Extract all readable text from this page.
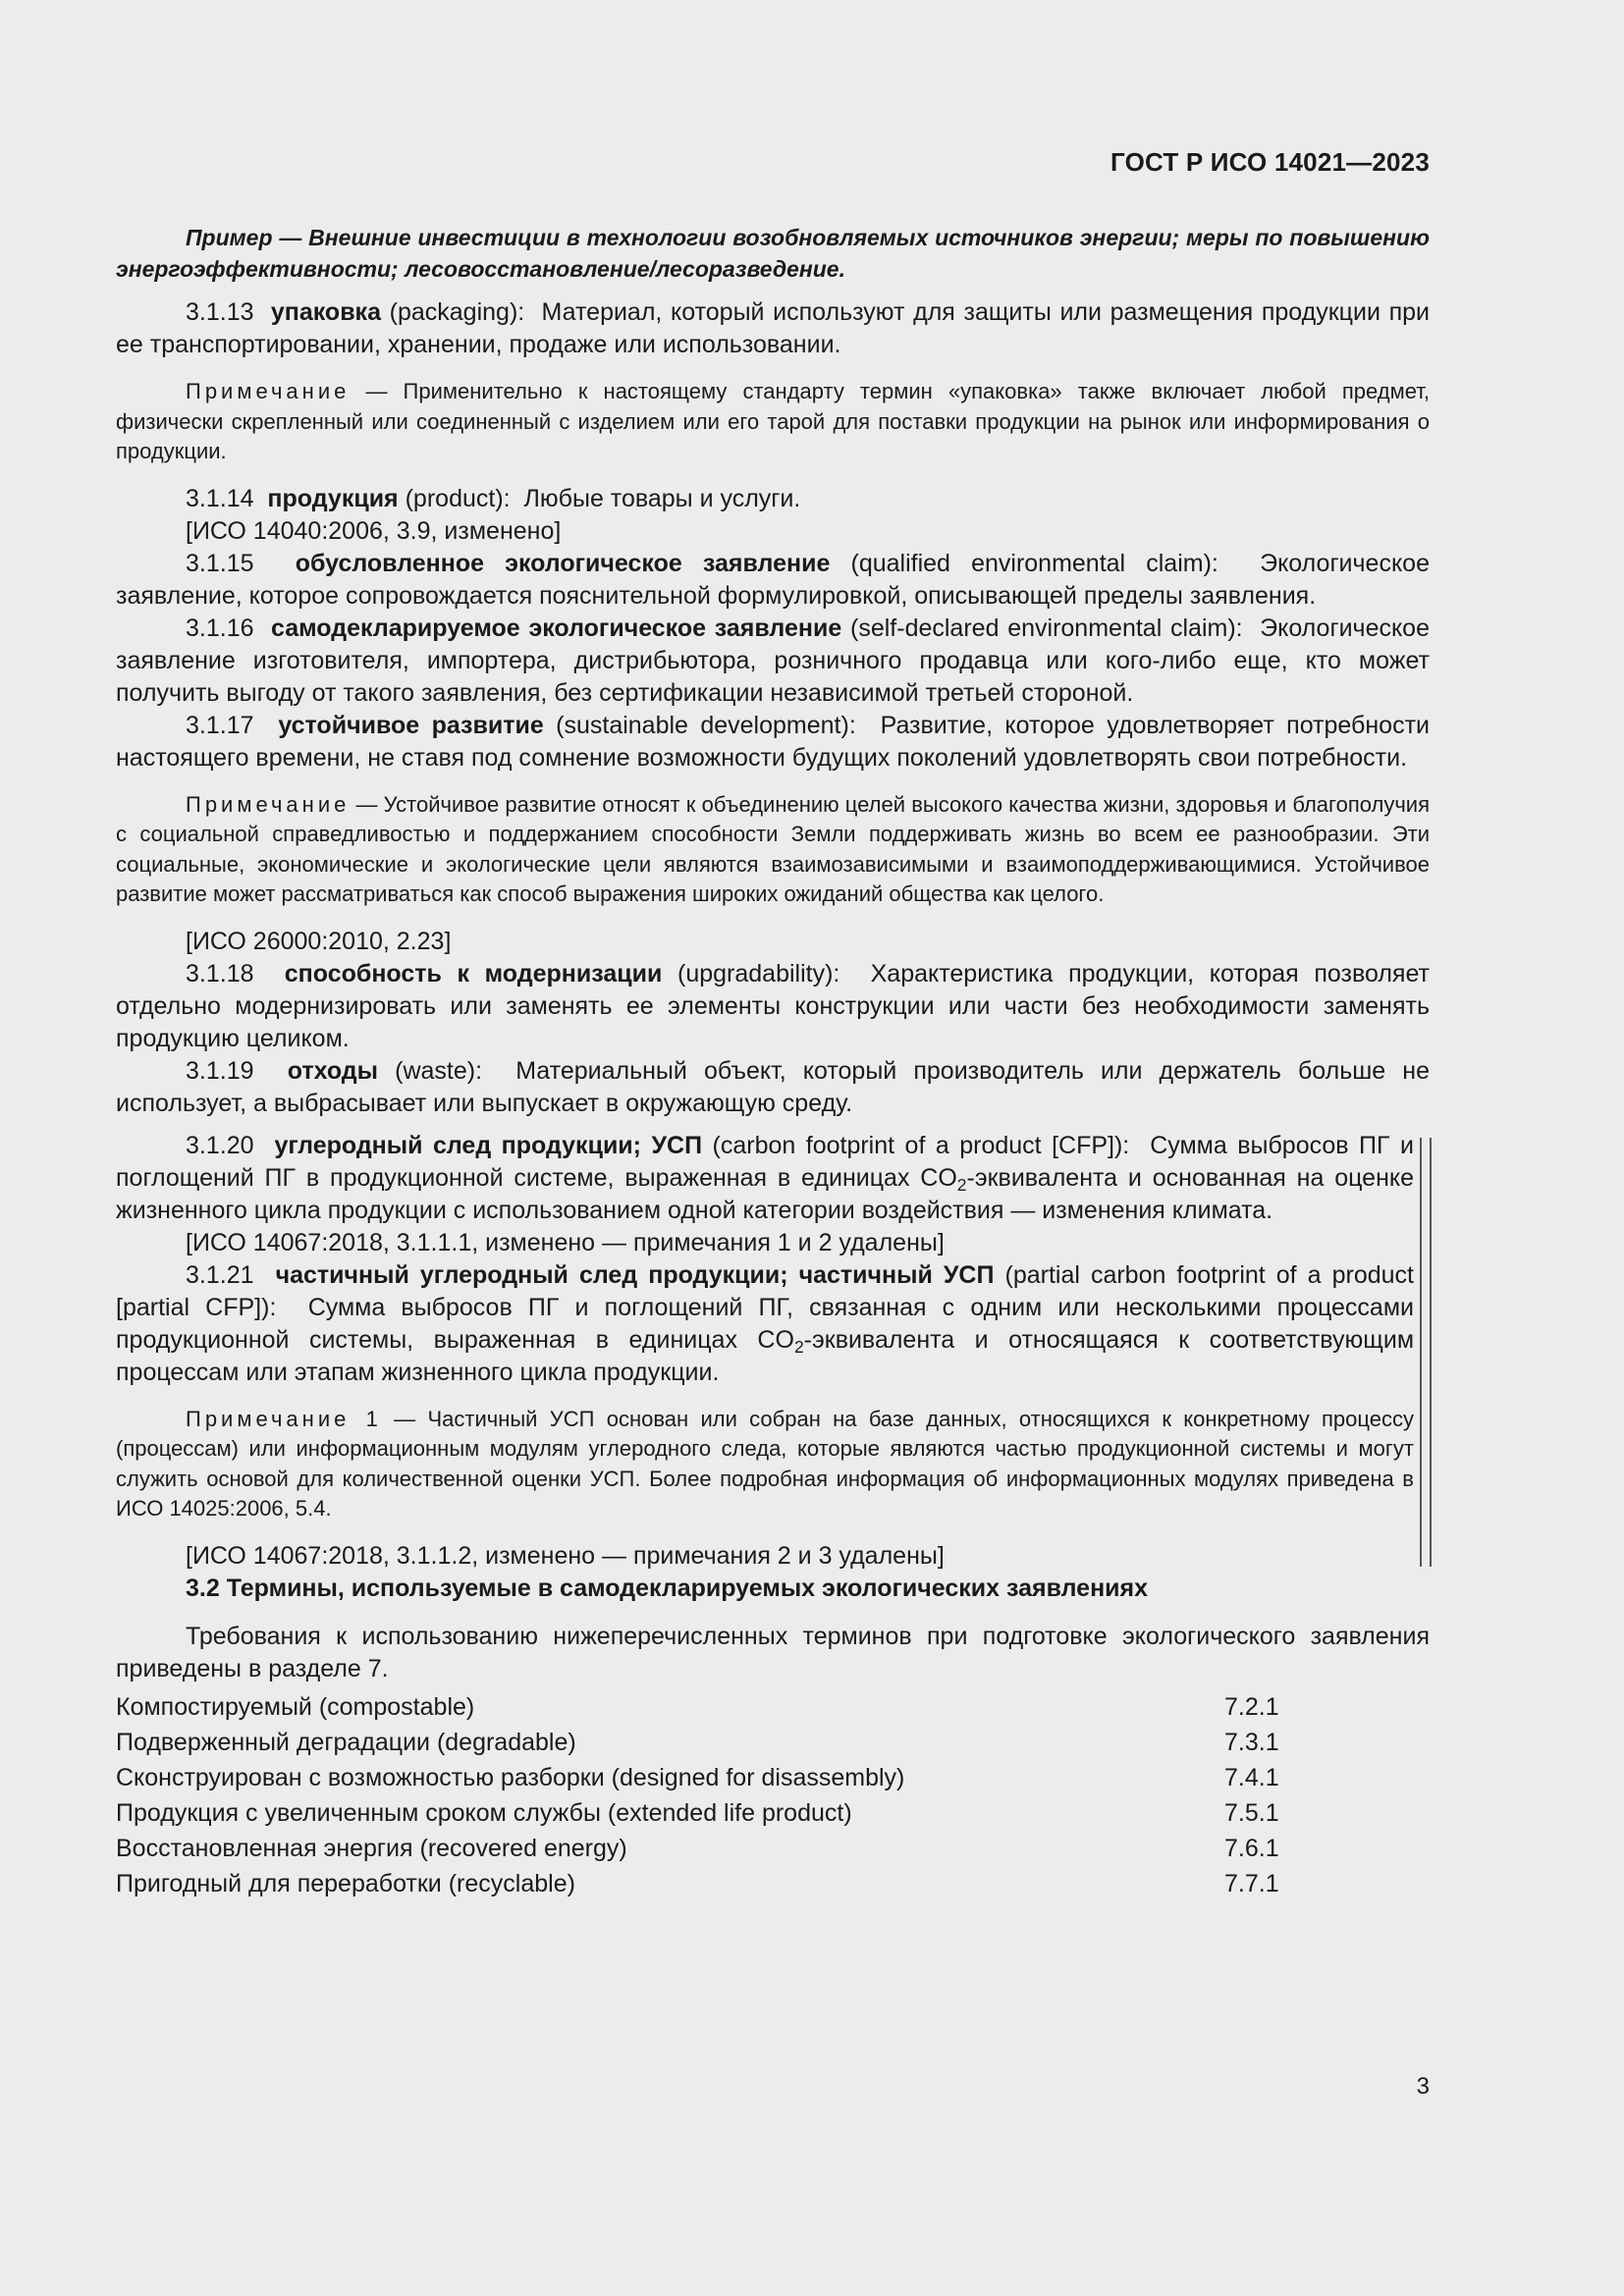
ГОСТ Р ИСО 14021—2023

Пример — Внешние инвестиции в технологии возобновляемых источников энергии; меры по повышению энергоэффективности; лесовосстановление/лесоразведение.

3.1.13 упаковка (packaging): Материал, который используют для защиты или размещения продукции при ее транспортировании, хранении, продаже или использовании.

Примечание — Применительно к настоящему стандарту термин «упаковка» также включает любой предмет, физически скрепленный или соединенный с изделием или его тарой для поставки продукции на рынок или информирования о продукции.

3.1.14 продукция (product): Любые товары и услуги.

[ИСО 14040:2006, 3.9, изменено]

3.1.15 обусловленное экологическое заявление (qualified environmental claim): Экологическое заявление, которое сопровождается пояснительной формулировкой, описывающей пределы заявления.

3.1.16 самодекларируемое экологическое заявление (self-declared environmental claim): Экологическое заявление изготовителя, импортера, дистрибьютора, розничного продавца или кого-либо еще, кто может получить выгоду от такого заявления, без сертификации независимой третьей стороной.

3.1.17 устойчивое развитие (sustainable development): Развитие, которое удовлетворяет потребности настоящего времени, не ставя под сомнение возможности будущих поколений удовлетворять свои потребности.

Примечание — Устойчивое развитие относят к объединению целей высокого качества жизни, здоровья и благополучия с социальной справедливостью и поддержанием способности Земли поддерживать жизнь во всем ее разнообразии. Эти социальные, экономические и экологические цели являются взаимозависимыми и взаимоподдерживающимися. Устойчивое развитие может рассматриваться как способ выражения широких ожиданий общества как целого.

[ИСО 26000:2010, 2.23]

3.1.18 способность к модернизации (upgradability): Характеристика продукции, которая позволяет отдельно модернизировать или заменять ее элементы конструкции или части без необходимости заменять продукцию целиком.

3.1.19 отходы (waste): Материальный объект, который производитель или держатель больше не использует, а выбрасывает или выпускает в окружающую среду.

3.1.20 углеродный след продукции; УСП (carbon footprint of a product [CFP]): Сумма выбросов ПГ и поглощений ПГ в продукционной системе, выраженная в единицах $CO_2$-эквивалента и основанная на оценке жизненного цикла продукции с использованием одной категории воздействия — изменения климата.

[ИСО 14067:2018, 3.1.1.1, изменено — примечания 1 и 2 удалены]

3.1.21 частичный углеродный след продукции; частичный УСП (partial carbon footprint of a product [partial CFP]): Сумма выбросов ПГ и поглощений ПГ, связанная с одним или несколькими процессами продукционной системы, выраженная в единицах $CO_2$-эквивалента и относящаяся к соответствующим процессам или этапам жизненного цикла продукции.

Примечание 1 — Частичный УСП основан или собран на базе данных, относящихся к конкретному процессу (процессам) или информационным модулям углеродного следа, которые являются частью продукционной системы и могут служить основой для количественной оценки УСП. Более подробная информация об информационных модулях приведена в ИСО 14025:2006, 5.4.

[ИСО 14067:2018, 3.1.1.2, изменено — примечания 2 и 3 удалены]

3.2 Термины, используемые в самодекларируемых экологических заявлениях

Требования к использованию нижеперечисленных терминов при подготовке экологического заявления приведены в разделе 7.

Компостируемый (compostable)	7.2.1
Подверженный деградации (degradable)	7.3.1
Сконструирован с возможностью разборки (designed for disassembly)	7.4.1
Продукция с увеличенным сроком службы (extended life product)	7.5.1
Восстановленная энергия (recovered energy)	7.6.1
Пригодный для переработки (recyclable)	7.7.1
3
